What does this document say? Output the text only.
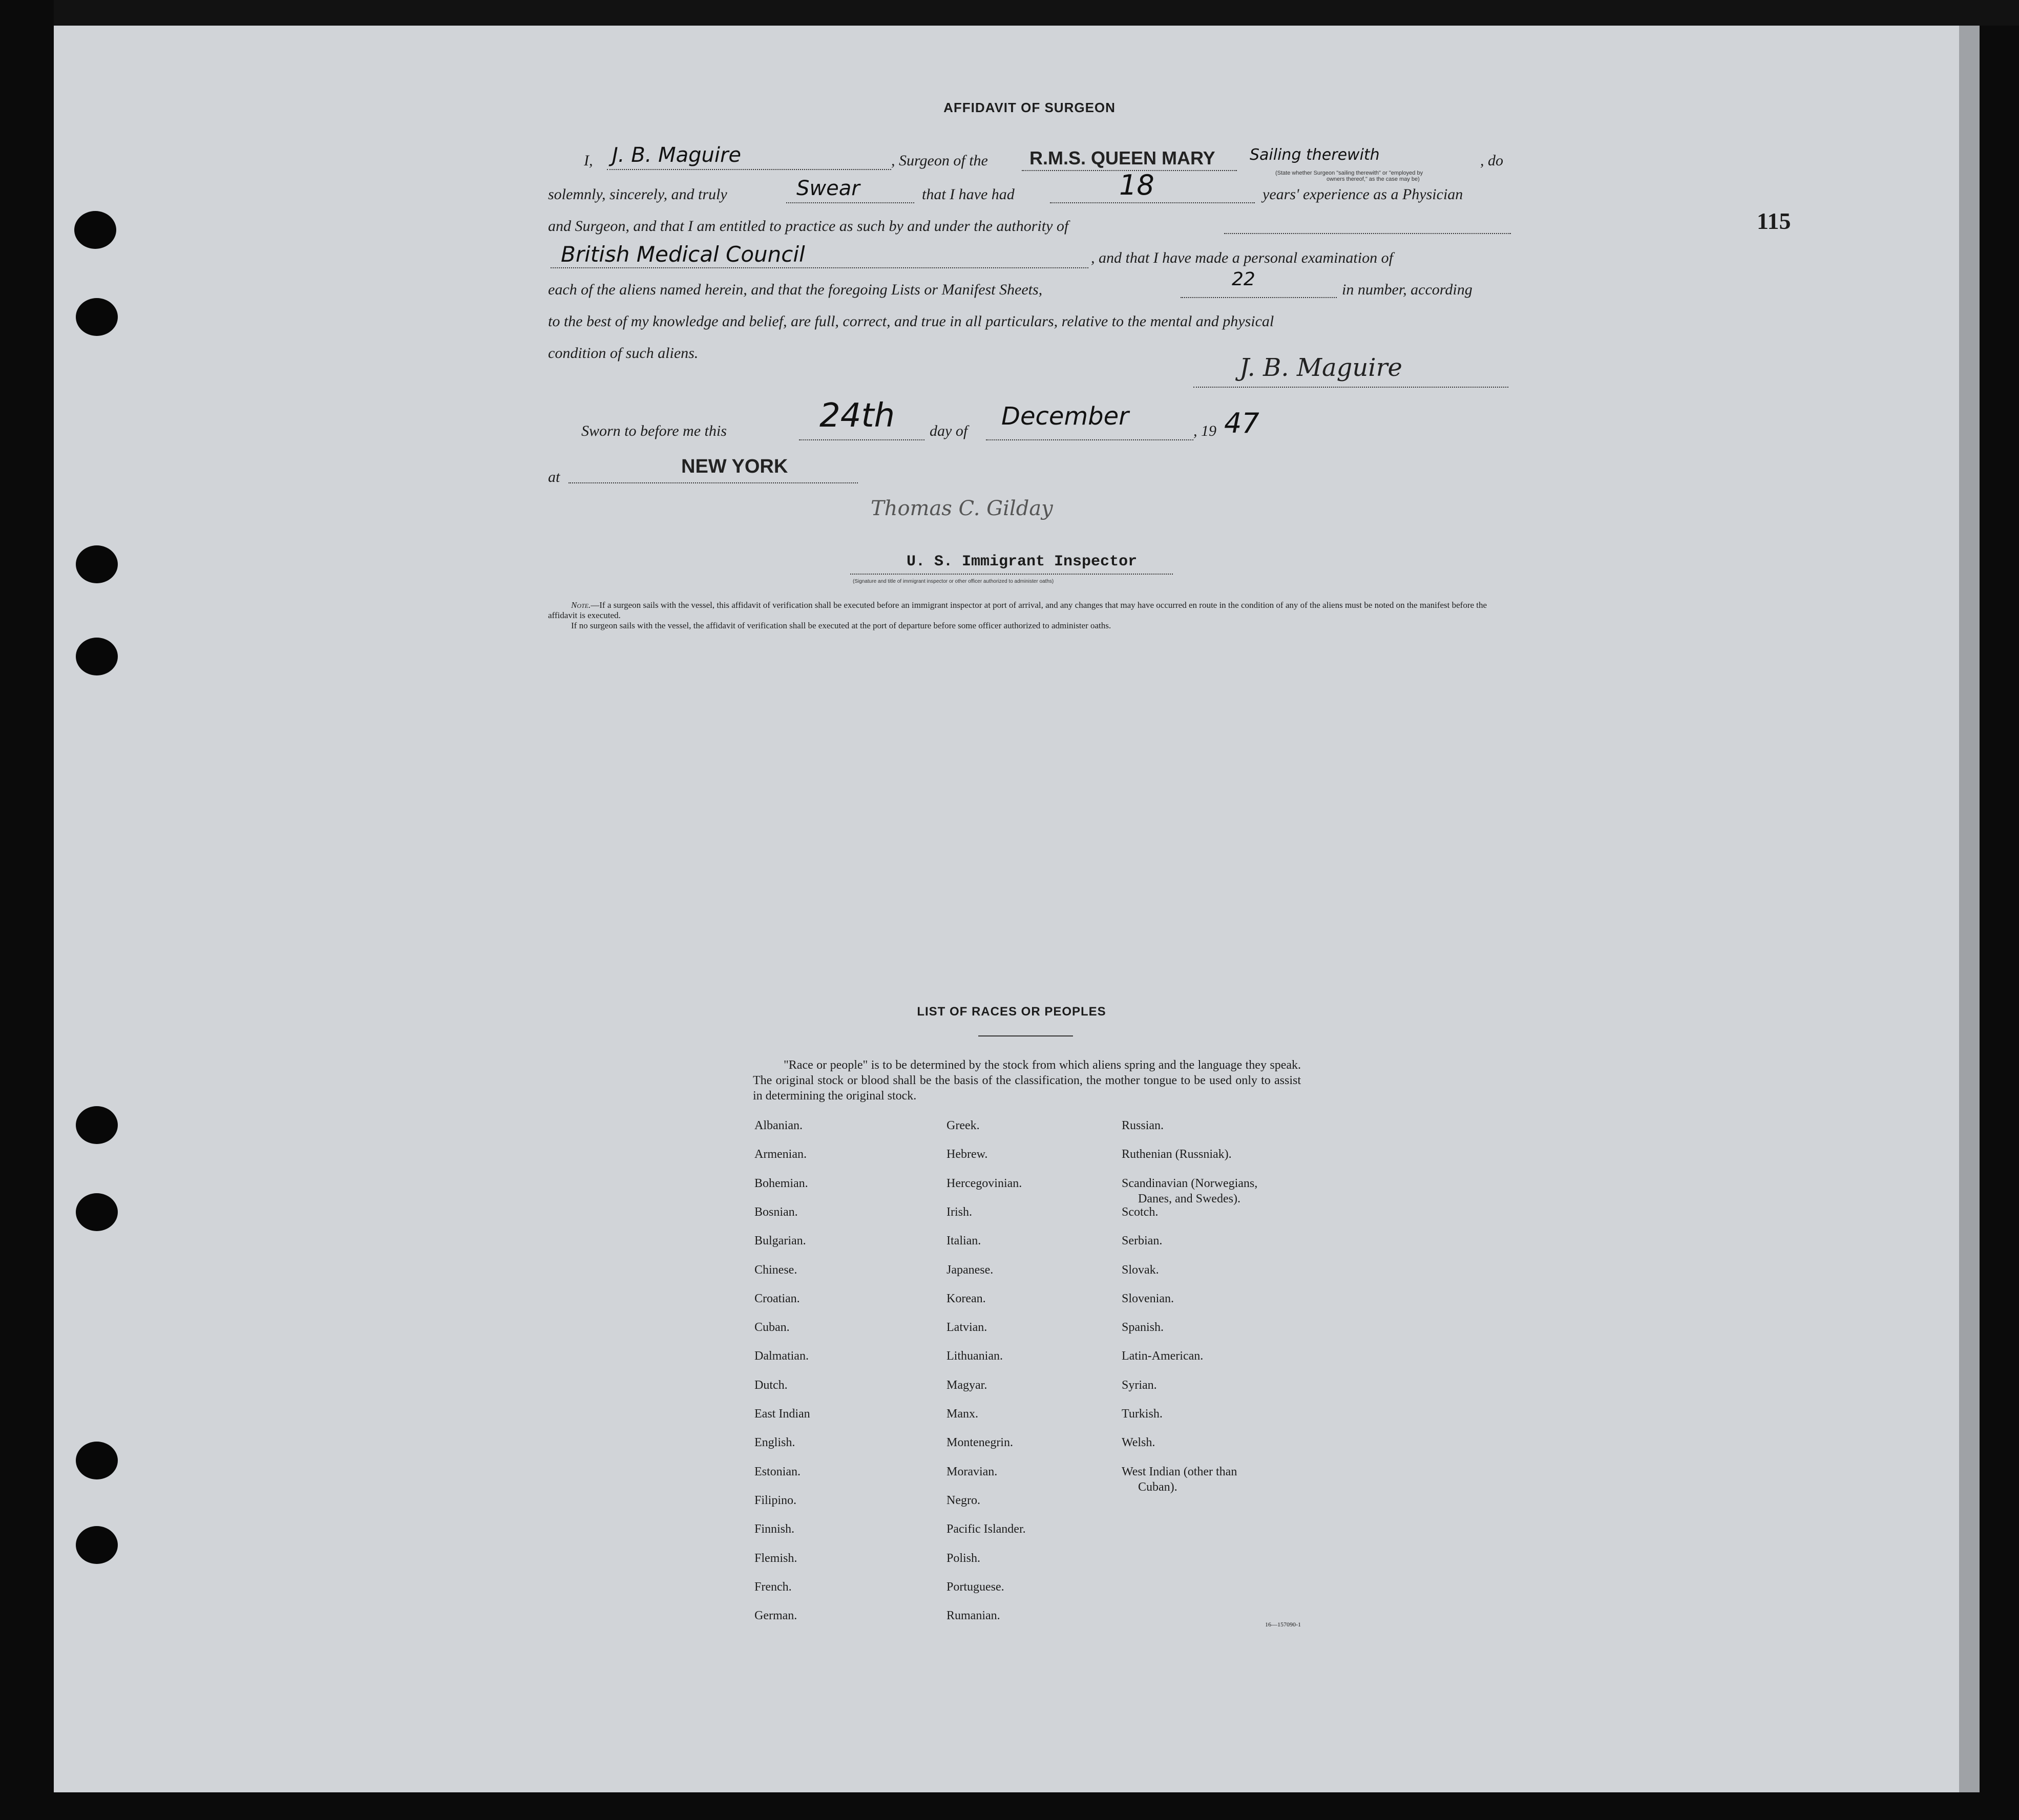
115
AFFIDAVIT OF SURGEON
I, J. B. Maguire	, Surgeon of the R.M.S. QUEEN MARY Sailing therewith
(State whether Surgeon "sailing therewith" or "employed by
owners thereof," as the case may be)
, do
solemnly, sincerely, and truly	Swear	that I have had	18	years' experience as a Physician
and Surgeon, and that I am entitled to practice as such by and under the authority of
British Medical Council	, and that I have made a personal examination of
each of the aliens named herein, and that the foregoing Lists or Manifest Sheets,	22	in number, according
to the best of my knowledge and belief, are full, correct, and true in all particulars, relative to the mental and physical
condition of such aliens.
J. B. Maguire
Sworn to before me this	24th day of
December
, 19 47
at	NEW YORK
Thomas C. Gilday
U. S. Immigrant Inspector
(Signature and title of immigrant inspector or other officer authorized to administer oaths)
Note.—If a surgeon sails with the vessel, this affidavit of verification shall be executed before an immigrant inspector at port of arrival, and any changes that may have occurred en route in the condition of any of the aliens must be noted on the manifest before the affidavit is executed.
If no surgeon sails with the vessel, the affidavit of verification shall be executed at the port of departure before some officer authorized to administer oaths.
LIST OF RACES OR PEOPLES
"Race or people" is to be determined by the stock from which aliens spring and the language they speak. The original stock or blood shall be the basis of the classification, the mother tongue to be used only to assist in determining the original stock.
Albanian.
Armenian.
Bohemian.
Bosnian.
Bulgarian.
Chinese.
Croatian.
Cuban.
Dalmatian.
Dutch.
East Indian
English.
Estonian.
Filipino.
Finnish.
Flemish.
French.
German.
Greek.
Hebrew.
Hercegovinian.
Irish.
Italian.
Japanese.
Korean.
Latvian.
Lithuanian.
Magyar.
Manx.
Montenegrin.
Moravian.
Negro.
Pacific Islander.
Polish.
Portuguese.
Rumanian.
Russian.
Ruthenian (Russniak).
Scandinavian (Norwegians,
Danes, and Swedes).
Scotch.
Serbian.
Slovak.
Slovenian.
Spanish.
Latin-American.
Syrian.
Turkish.
Welsh.
West Indian (other than
Cuban).
16—157090-1
